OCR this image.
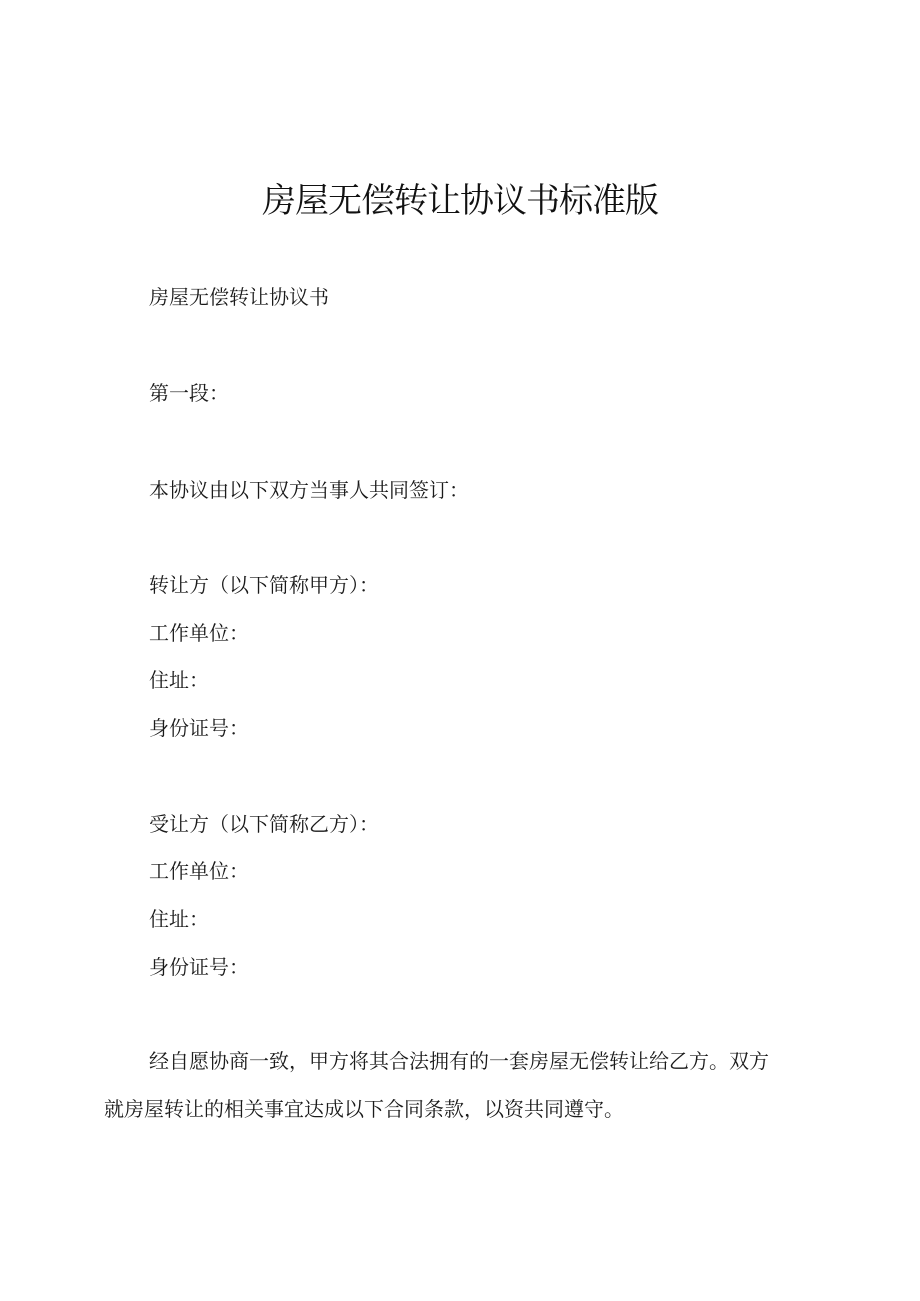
房屋无偿转让协议书标准版
房屋无偿转让协议书
第一段：
本协议由以下双方当事人共同签订：
转让方（以下简称甲方）：
工作单位：
住址：
身份证号：
受让方（以下简称乙方）：
工作单位：
住址：
身份证号：
经自愿协商一致，甲方将其合法拥有的一套房屋无偿转让给乙方。双方
就房屋转让的相关事宜达成以下合同条款，以资共同遵守。
